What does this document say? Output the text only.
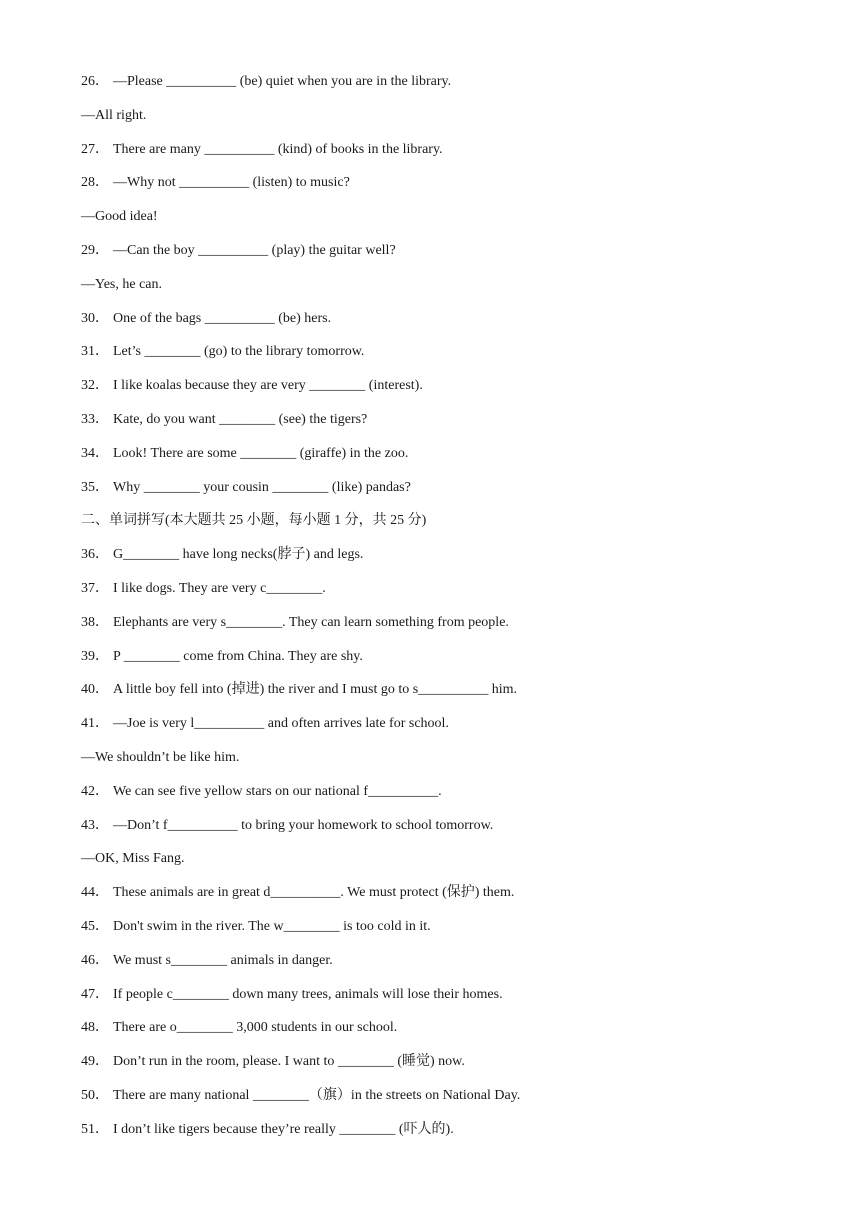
26． —Please __________ (be) quiet when you are in the library.
—All right.
27． There are many __________ (kind) of books in the library.
28． —Why not __________ (listen) to music?
—Good idea!
29． —Can the boy __________ (play) the guitar well?
—Yes, he can.
30． One of the bags __________ (be) hers.
31． Let’s ________ (go) to the library tomorrow.
32． I like koalas because they are very ________ (interest).
33． Kate, do you want ________ (see) the tigers?
34． Look! There are some ________ (giraffe) in the zoo.
35． Why ________ your cousin ________ (like) pandas?
二、单词拼写(本大题共 25 小题，每小题 1 分，共 25 分)
36． G________ have long necks(脖子) and legs.
37． I like dogs. They are very c________.
38． Elephants are very s________. They can learn something from people.
39． P ________ come from China. They are shy.
40． A little boy fell into (掉进) the river and I must go to s__________ him.
41． —Joe is very l__________ and often arrives late for school.
—We shouldn’t be like him.
42． We can see five yellow stars on our national f__________.
43． —Don’t f__________ to bring your homework to school tomorrow.
—OK, Miss Fang.
44． These animals are in great d__________. We must protect (保护) them.
45． Don't swim in the river. The w________ is too cold in it.
46． We must s________ animals in danger.
47． If people c________ down many trees, animals will lose their homes.
48． There are o________ 3,000 students in our school.
49． Don’t run in the room, please. I want to ________ (睡觉) now.
50． There are many national ________（旗）in the streets on National Day.
51． I don’t like tigers because they’re really ________ (吓人的).
